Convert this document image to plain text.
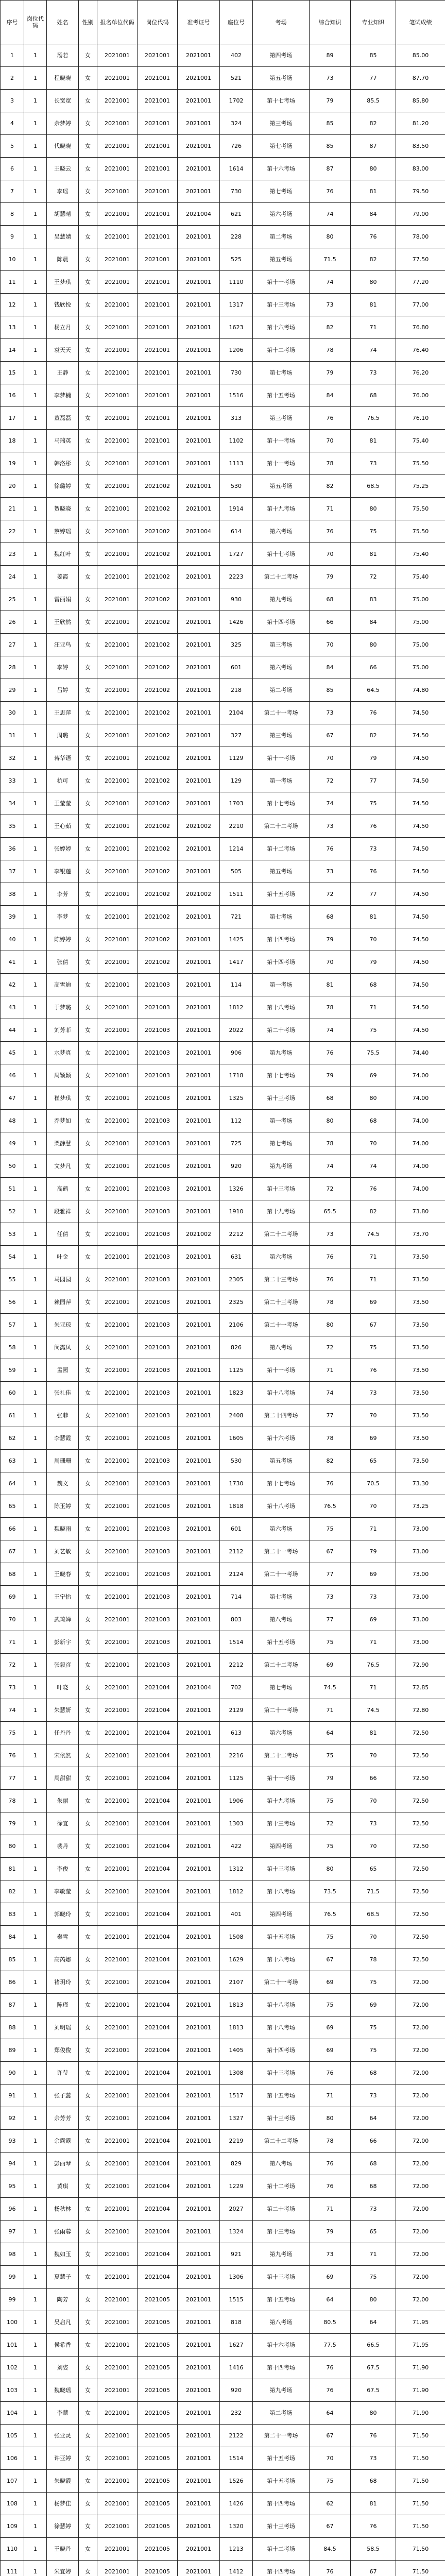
序号	岗位代码	姓名	性别	报名单位代码	岗位代码	准考证号	座位号	考场	综合知识	专业知识	笔试成绩
1	1	汤若	女	2021001	2021001	2021001	402	第四考场	89	85	85.00
2	1	程晓晓	女	2021001	2021001	2021001	521	第五考场	73	77	87.70
3	1	长宽宽	女	2021001	2021001	2021001	1702	第十七考场	79	85.5	85.80
4	1	余梦婷	女	2021001	2021001	2021001	324	第三考场	85	82	81.20
5	1	代晓晓	女	2021001	2021001	2021001	726	第七考场	85	87	83.50
6	1	王晓云	女	2021001	2021001	2021001	1614	第十六考场	87	80	83.00
7	1	李瑶	女	2021001	2021001	2021001	730	第七考场	76	81	79.50
8	1	胡慧晴	女	2021001	2021001	2021004	621	第六考场	74	84	79.00
9	1	吴慧婧	女	2021001	2021001	2021001	228	第二考场	80	76	78.00
10	1	陈晨	女	2021001	2021001	2021001	525	第五考场	71.5	82	77.50
11	1	王梦琪	女	2021001	2021001	2021001	1110	第十一考场	74	80	77.20
12	1	钱欣悦	女	2021001	2021001	2021001	1317	第十三考场	73	81	77.00
13	1	杨立月	女	2021001	2021001	2021001	1623	第十六考场	82	71	76.80
14	1	袁天天	女	2021001	2021001	2021001	1206	第十二考场	78	74	76.40
15	1	王静	女	2021001	2021001	2021001	730	第七考场	79	73	76.20
16	1	李梦楠	女	2021001	2021001	2021001	1516	第十五考场	84	68	76.00
17	1	董磊磊	女	2021001	2021001	2021001	313	第三考场	76	76.5	76.10
18	1	马瑞英	女	2021001	2021001	2021001	1102	第十一考场	70	81	75.40
19	1	韩洛彤	女	2021001	2021001	2021001	1113	第十一考场	78	73	75.50
20	1	徐璐婷	女	2021001	2021002	2021001	530	第五考场	82	68.5	75.25
21	1	贺晓晓	女	2021001	2021002	2021001	1914	第十九考场	71	80	75.50
22	1	蔡婷瑶	女	2021001	2021002	2021004	614	第六考场	76	75	75.50
23	1	魏红叶	女	2021001	2021002	2021001	1727	第十七考场	70	81	75.40
24	1	姜霞	女	2021001	2021002	2021001	2223	第二十二考场	79	72	75.40
25	1	雷丽娟	女	2021001	2021002	2021001	930	第九考场	68	83	75.00
26	1	王欣然	女	2021001	2021002	2021001	1426	第十四考场	66	84	75.00
27	1	汪亚鸟	女	2021001	2021002	2021001	325	第三考场	70	80	75.00
28	1	李婷	女	2021001	2021002	2021001	601	第六考场	84	66	75.00
29	1	吕婷	女	2021001	2021002	2021001	218	第二考场	85	64.5	74.80
30	1	王思萍	女	2021001	2021002	2021001	2104	第二十一考场	73	76	74.50
31	1	周璐	女	2021001	2021002	2021001	327	第三考场	67	82	74.50
32	1	蒋华语	女	2021001	2021002	2021001	1129	第十一考场	70	79	74.50
33	1	杭可	女	2021001	2021002	2021001	129	第一考场	72	77	74.50
34	1	王莹莹	女	2021001	2021002	2021001	1703	第十七考场	74	75	74.50
35	1	王心茹	女	2021001	2021002	2021002	2210	第二十二考场	73	76	74.50
36	1	张婷婷	女	2021001	2021002	2021001	1214	第十二考场	76	73	74.50
37	1	李银莲	女	2021001	2021002	2021001	505	第五考场	73	76	74.50
38	1	李芳	女	2021001	2021002	2021002	1511	第十五考场	72	77	74.50
39	1	李梦	女	2021001	2021002	2021001	721	第七考场	68	81	74.50
40	1	陈婷婷	女	2021001	2021002	2021001	1425	第十四考场	79	70	74.50
41	1	张倩	女	2021001	2021002	2021001	1417	第十四考场	70	79	74.50
42	1	高雪迪	女	2021001	2021003	2021001	114	第一考场	81	68	74.50
43	1	于梦璐	女	2021001	2021003	2021001	1812	第十八考场	78	71	74.50
44	1	刘芳菲	女	2021001	2021003	2021001	2022	第二十考场	74	75	74.50
45	1	水梦真	女	2021001	2021003	2021001	906	第九考场	76	75.5	74.40
46	1	周颖颖	女	2021001	2021003	2021001	1718	第十七考场	79	69	74.00
47	1	崔梦琪	女	2021001	2021003	2021001	1325	第十三考场	68	80	74.00
48	1	乔梦如	女	2021001	2021003	2021001	112	第一考场	80	68	74.00
49	1	栗静慧	女	2021001	2021003	2021001	725	第七考场	78	70	74.00
50	1	文梦凡	女	2021001	2021003	2021001	920	第九考场	74	74	74.00
51	1	高鹤	女	2021001	2021003	2021001	1326	第十三考场	72	76	74.00
52	1	段雅祥	女	2021001	2021003	2021001	1910	第十九考场	65.5	82	73.80
53	1	任倩	女	2021001	2021003	2021002	2212	第二十二考场	73	74.5	73.70
54	1	叶金	女	2021001	2021003	2021001	631	第六考场	76	71	73.50
55	1	马园园	女	2021001	2021003	2021001	2305	第二十三考场	76	71	73.50
56	1	赖园萍	女	2021001	2021003	2021001	2325	第二十三考场	78	69	73.50
57	1	朱亚琼	女	2021001	2021003	2021001	2106	第二十一考场	80	67	73.50
58	1	闵露凤	女	2021001	2021003	2021001	826	第八考场	72	75	73.50
59	1	孟园	女	2021001	2021003	2021001	1125	第十一考场	71	76	73.50
60	1	张礼佳	女	2021001	2021003	2021001	1823	第十八考场	74	73	73.50
61	1	张菲	女	2021001	2021003	2021001	2408	第二十四考场	77	70	73.50
62	1	李慧霞	女	2021001	2021003	2021001	1605	第十六考场	78	69	73.50
63	1	周珊珊	女	2021001	2021003	2021001	530	第五考场	82	65	73.50
64	1	魏文	女	2021001	2021003	2021001	1730	第十七考场	76	70.5	73.30
65	1	陈玉婷	女	2021001	2021003	2021001	1818	第十八考场	76.5	70	73.25
66	1	魏晓雨	女	2021001	2021003	2021001	601	第六考场	75	71	73.00
67	1	刘艺敏	女	2021001	2021003	2021001	2112	第二十一考场	67	79	73.00
68	1	王晓春	女	2021001	2021003	2021001	2124	第二十一考场	77	69	73.00
69	1	王宁怡	女	2021001	2021003	2021001	714	第七考场	73	73	73.00
70	1	武琦婵	女	2021001	2021003	2021001	803	第八考场	77	69	73.00
71	1	彭新宇	女	2021001	2021003	2021001	1514	第十五考场	75	71	73.00
72	1	张毅彦	女	2021001	2021003	2021001	2212	第二十二考场	69	76.5	72.90
73	1	叶晓	女	2021001	2021004	2021004	702	第七考场	74.5	71	72.85
74	1	朱慧妍	女	2021001	2021004	2021001	2129	第二十一考场	71	74.5	72.80
75	1	任丹丹	女	2021001	2021004	2021001	613	第六考场	64	81	72.50
76	1	宋依然	女	2021001	2021004	2021001	2216	第二十二考场	75	70	72.50
77	1	周甜甜	女	2021001	2021004	2021001	1125	第十一考场	79	66	72.50
78	1	朱丽	女	2021001	2021004	2021001	1906	第十九考场	75	70	72.50
79	1	徐宜	女	2021001	2021004	2021001	1303	第十三考场	72	73	72.50
80	1	裴丹	女	2021001	2021004	2021001	422	第四考场	75	70	72.50
81	1	李俊	女	2021001	2021004	2021001	1312	第十三考场	80	65	72.50
82	1	李敏莹	女	2021001	2021004	2021001	1812	第十八考场	73.5	71.5	72.50
83	1	郭晓玲	女	2021001	2021004	2021001	401	第四考场	76.5	68.5	72.50
84	1	秦雪	女	2021001	2021004	2021001	1508	第十五考场	75	70	72.50
85	1	高芮娜	女	2021001	2021004	2021001	1629	第十六考场	67	78	72.50
86	1	褚玥玲	女	2021001	2021004	2021001	2107	第二十一考场	69	75	72.00
87	1	陈瑾	女	2021001	2021004	2021001	1813	第十八考场	75	69	72.00
88	1	刘明瑶	女	2021001	2021004	2021001	1813	第十八考场	69	75	72.00
89	1	郑俊俊	女	2021001	2021004	2021001	1405	第十四考场	69	75	72.00
90	1	许莹	女	2021001	2021004	2021001	1308	第十三考场	76	68	72.00
91	1	张子蕊	女	2021001	2021004	2021001	1517	第十五考场	71	73	72.00
92	1	余芳芳	女	2021001	2021004	2021001	1327	第十三考场	80	64	72.00
93	1	余露露	女	2021001	2021004	2021001	2219	第二十二考场	78	66	72.00
94	1	彭丽琴	女	2021001	2021004	2021001	829	第八考场	76	68	72.00
95	1	黄琪	女	2021001	2021004	2021001	1229	第十二考场	76	68	72.00
96	1	杨秋林	女	2021001	2021004	2021001	2027	第二十考场	71	73	72.00
97	1	张雨蓉	女	2021001	2021004	2021001	1324	第十三考场	79	65	72.00
98	1	魏如玉	女	2021001	2021004	2021001	921	第九考场	73	71	72.00
99	1	夏慧子	女	2021001	2021004	2021001	1306	第十三考场	69	75	72.00
99	1	陶芳	女	2021001	2021005	2021001	1515	第十五考场	64	80	72.00
100	1	吴启凡	女	2021001	2021005	2021001	818	第八考场	80.5	64	71.95
101	1	侯希香	女	2021001	2021005	2021001	1627	第十六考场	77.5	66.5	71.95
102	1	刘姿	女	2021001	2021005	2021001	1416	第十四考场	76	67.5	71.90
103	1	魏晓瑶	女	2021001	2021005	2021001	920	第九考场	76	67.5	71.90
104	1	李慧	女	2021001	2021005	2021001	232	第二考场	64	80	71.90
105	1	张亚灵	女	2021001	2021005	2021001	2122	第二十一考场	67	76	71.50
106	1	许亚婷	女	2021001	2021005	2021001	1514	第十五考场	70	73	71.50
107	1	朱晓霞	女	2021001	2021005	2021001	1526	第十五考场	75	68	71.50
108	1	杨梦佳	女	2021001	2021005	2021001	1426	第十四考场	62	81	71.50
109	1	徐慧婷	女	2021001	2021005	2021001	1320	第十三考场	67	76	71.50
110	1	王晓丹	女	2021001	2021005	2021001	1213	第十二考场	84.5	58.5	71.50
111	1	朱宜婷	女	2021001	2021005	2021001	1412	第十四考场	76	67	71.50
